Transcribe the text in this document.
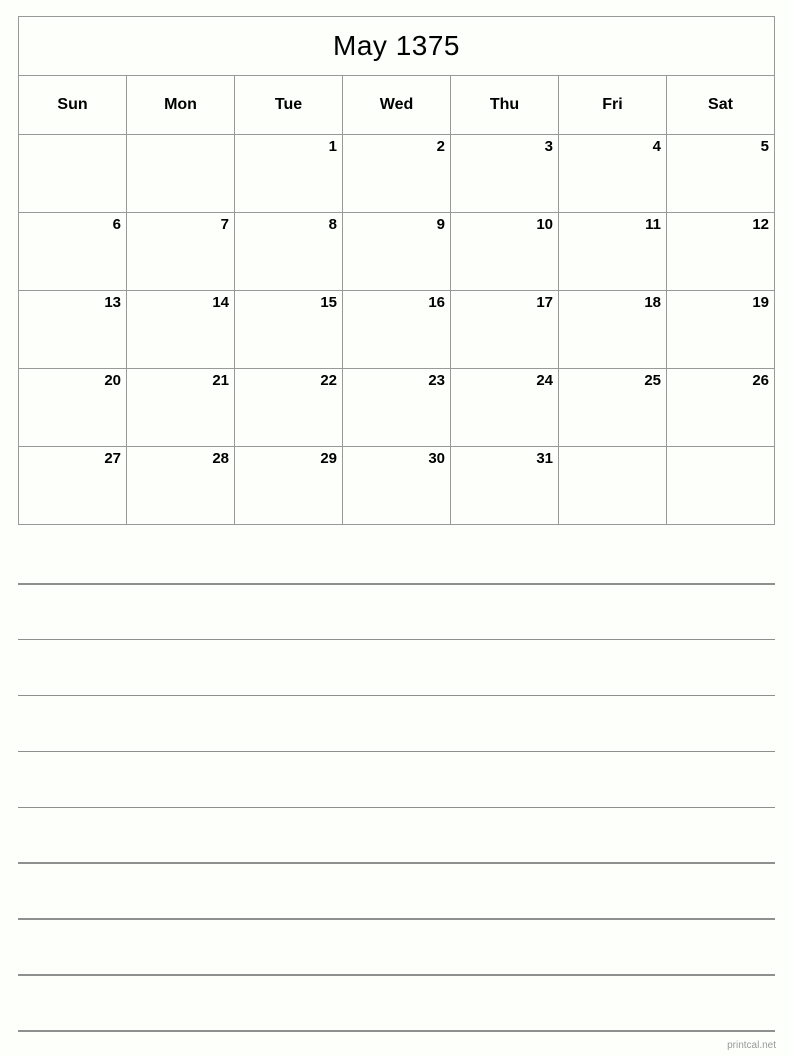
May 1375						
Sun	Mon	Tue	Wed	Thu	Fri	Sat
		1	2	3	4	5
6	7	8	9	10	11	12
13	14	15	16	17	18	19
20	21	22	23	24	25	26
27	28	29	30	31		
printcal.net
